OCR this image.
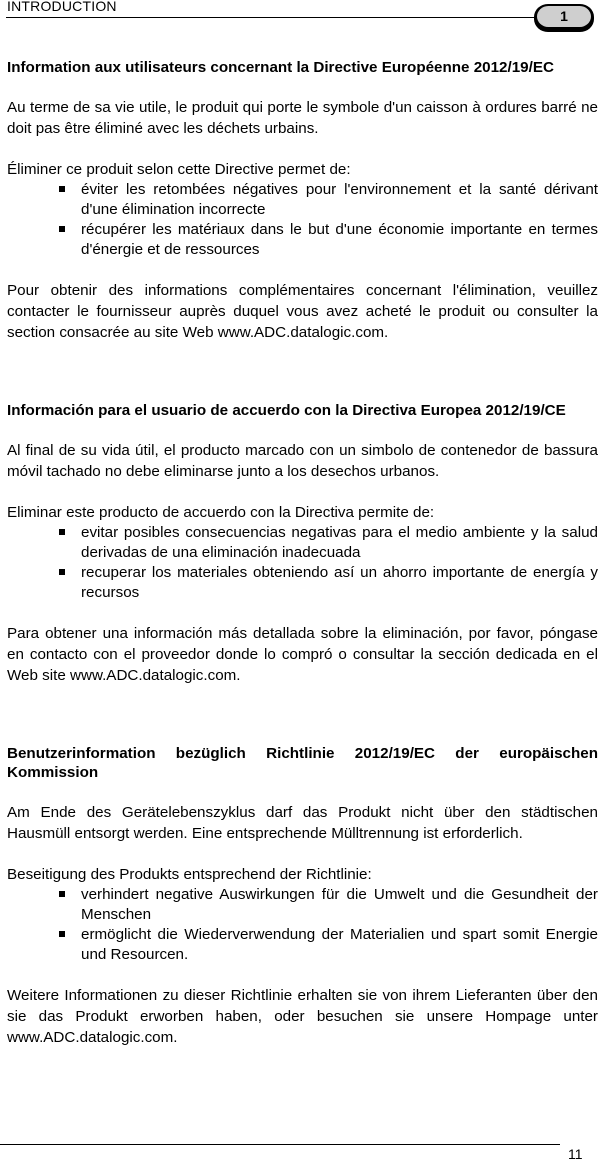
INTRODUCTION
1
Information aux utilisateurs concernant la Directive Européenne 2012/19/EC

Au terme de sa vie utile, le produit qui porte le symbole d'un caisson à ordures barré ne doit pas être éliminé avec les déchets urbains.

Éliminer ce produit selon cette Directive permet de:

éviter les retombées négatives pour l'environnement et la santé dérivant d'une élimination incorrecte
récupérer les matériaux dans le but d'une économie importante en termes d'énergie et de ressources

Pour obtenir des informations complémentaires concernant l'élimination, veuillez contacter le fournisseur auprès duquel vous avez acheté le produit ou consulter la section consacrée au site Web www.ADC.datalogic.com.

Información para el usuario de accuerdo con la Directiva Europea 2012/19/CE

Al final de su vida útil, el producto marcado con un simbolo de contenedor de bassura móvil tachado no debe eliminarse junto a los desechos urbanos.

Eliminar este producto de accuerdo con la Directiva permite de:

evitar posibles consecuencias negativas para el medio ambiente y la salud derivadas de una eliminación inadecuada
recuperar los materiales obteniendo así un ahorro importante de energía y recursos

Para obtener una información más detallada sobre la eliminación, por favor, póngase en contacto con el proveedor donde lo compró o consultar la sección dedicada en el Web site www.ADC.datalogic.com.

Benutzerinformation bezüglich Richtlinie 2012/19/EC der europäischen Kommission

Am Ende des Gerätelebenszyklus darf das Produkt nicht über den städtischen Hausmüll entsorgt werden. Eine entsprechende Mülltrennung ist erforderlich.

Beseitigung des Produkts entsprechend der Richtlinie:

verhindert negative Auswirkungen für die Umwelt und die Gesundheit der Menschen
ermöglicht die Wiederverwendung der Materialien und spart somit Energie und Resourcen.

Weitere Informationen zu dieser Richtlinie erhalten sie von ihrem Lieferanten über den sie das Produkt erworben haben, oder besuchen sie unsere Hompage unter www.ADC.datalogic.com.

11
